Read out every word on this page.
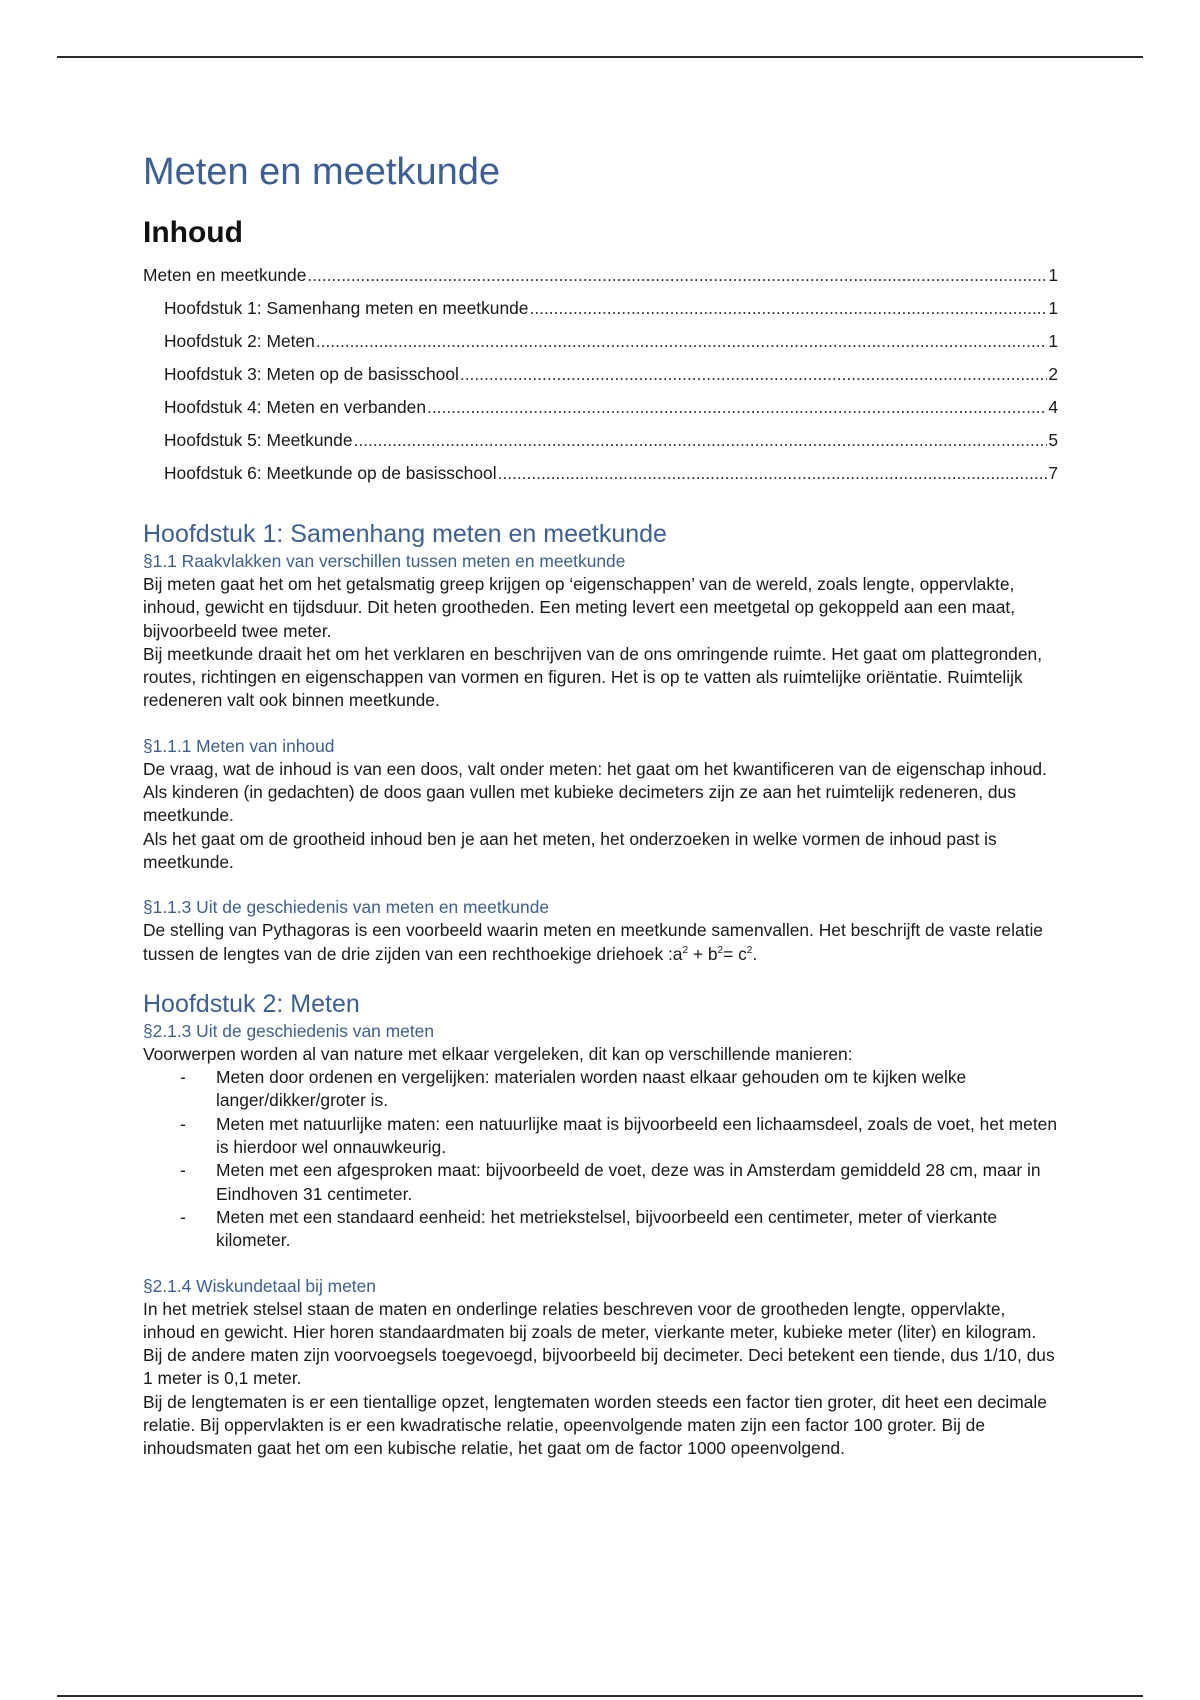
Meten en meetkunde
Inhoud
Meten en meetkunde .....	1
Hoofdstuk 1: Samenhang meten en meetkunde .....	1
Hoofdstuk 2: Meten .....	1
Hoofdstuk 3: Meten op de basisschool .....	2
Hoofdstuk 4: Meten en verbanden .....	4
Hoofdstuk 5: Meetkunde .....	5
Hoofdstuk 6: Meetkunde op de basisschool .....	7
Hoofdstuk 1: Samenhang meten en meetkunde
§1.1 Raakvlakken van verschillen tussen meten en meetkunde

Bij meten gaat het om het getalsmatig greep krijgen op ‘eigenschappen’ van de wereld, zoals lengte, oppervlakte, inhoud, gewicht en tijdsduur. Dit heten grootheden. Een meting levert een meetgetal op gekoppeld aan een maat, bijvoorbeeld twee meter.

Bij meetkunde draait het om het verklaren en beschrijven van de ons omringende ruimte. Het gaat om plattegronden, routes, richtingen en eigenschappen van vormen en figuren. Het is op te vatten als ruimtelijke oriëntatie. Ruimtelijk redeneren valt ook binnen meetkunde.

§1.1.1 Meten van inhoud

De vraag, wat de inhoud is van een doos, valt onder meten: het gaat om het kwantificeren van de eigenschap inhoud. Als kinderen (in gedachten) de doos gaan vullen met kubieke decimeters zijn ze aan het ruimtelijk redeneren, dus meetkunde.

Als het gaat om de grootheid inhoud ben je aan het meten, het onderzoeken in welke vormen de inhoud past is meetkunde.

§1.1.3 Uit de geschiedenis van meten en meetkunde

De stelling van Pythagoras is een voorbeeld waarin meten en meetkunde samenvallen. Het beschrijft de vaste relatie tussen de lengtes van de drie zijden van een rechthoekige driehoek $:a^2 + b^2= c^2$.

Hoofdstuk 2: Meten
§2.1.3 Uit de geschiedenis van meten

Voorwerpen worden al van nature met elkaar vergeleken, dit kan op verschillende manieren:

- Meten door ordenen en vergelijken: materialen worden naast elkaar gehouden om te kijken welke langer/dikker/groter is.
- Meten met natuurlijke maten: een natuurlijke maat is bijvoorbeeld een lichaamsdeel, zoals de voet, het meten is hierdoor wel onnauwkeurig.
- Meten met een afgesproken maat: bijvoorbeeld de voet, deze was in Amsterdam gemiddeld 28 cm, maar in Eindhoven 31 centimeter.
- Meten met een standaard eenheid: het metriekstelsel, bijvoorbeeld een centimeter, meter of vierkante kilometer.
§2.1.4 Wiskundetaal bij meten

In het metriek stelsel staan de maten en onderlinge relaties beschreven voor de grootheden lengte, oppervlakte, inhoud en gewicht. Hier horen standaardmaten bij zoals de meter, vierkante meter, kubieke meter (liter) en kilogram. Bij de andere maten zijn voorvoegsels toegevoegd, bijvoorbeeld bij decimeter. Deci betekent een tiende, dus 1/10, dus 1 meter is 0,1 meter.

Bij de lengtematen is er een tientallige opzet, lengtematen worden steeds een factor tien groter, dit heet een decimale relatie. Bij oppervlakten is er een kwadratische relatie, opeenvolgende maten zijn een factor 100 groter. Bij de inhoudsmaten gaat het om een kubische relatie, het gaat om de factor 1000 opeenvolgend.
